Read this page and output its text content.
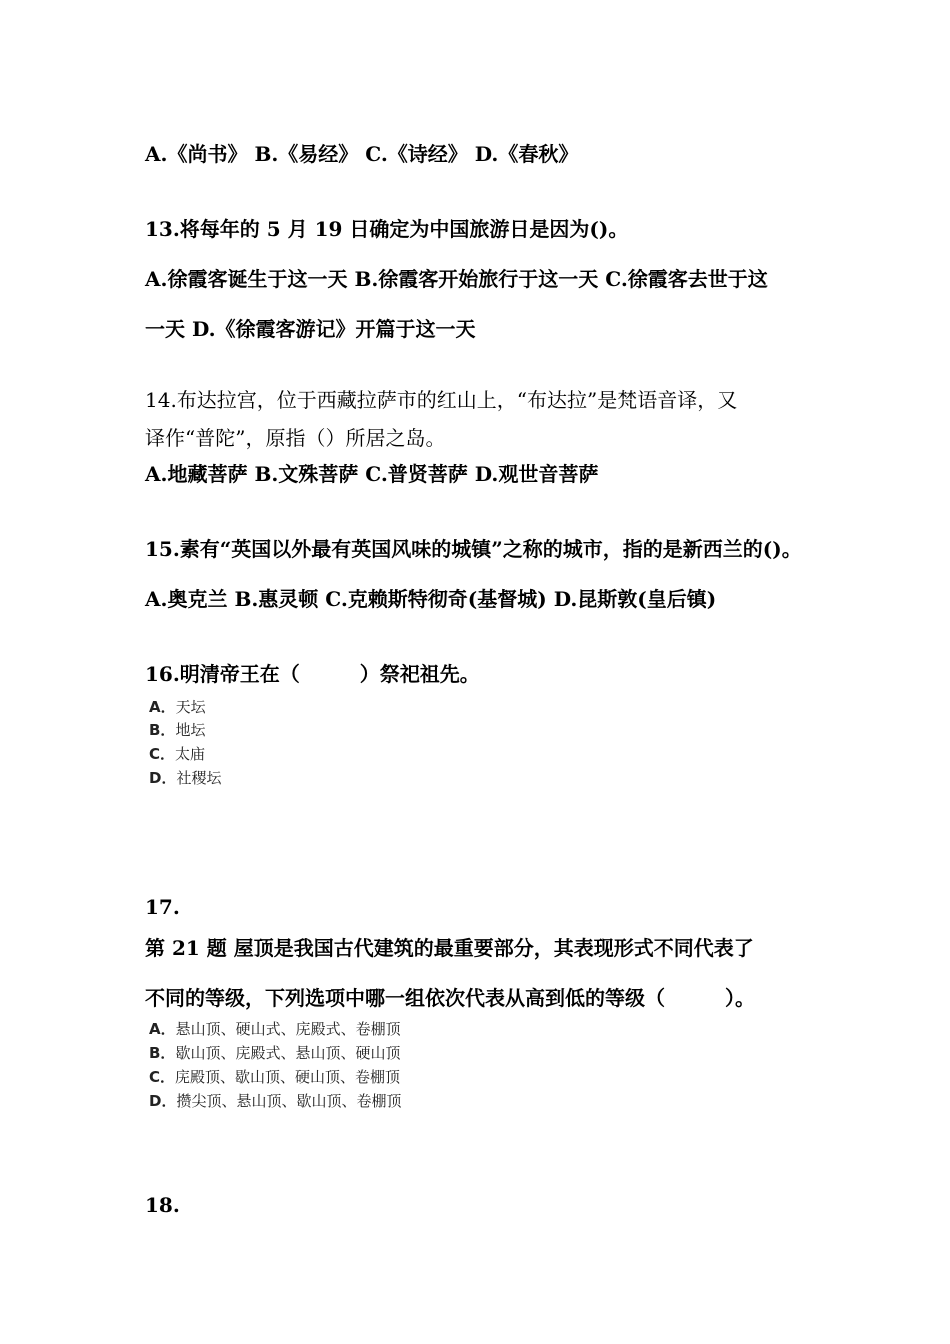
A.《尚书》 B.《易经》 C.《诗经》 D.《春秋》
13.将每年的 5 月 19 日确定为中国旅游日是因为()。
A.徐霞客诞生于这一天 B.徐霞客开始旅行于这一天 C.徐霞客去世于这
一天 D.《徐霞客游记》开篇于这一天
14.布达拉宫，位于西藏拉萨市的红山上，“布达拉”是梵语音译，又
译作“普陀”，原指（）所居之岛。
A.地藏菩萨 B.文殊菩萨 C.普贤菩萨 D.观世音菩萨
15.素有“英国以外最有英国风味的城镇”之称的城市，指的是新西兰的()。
A.奥克兰 B.惠灵顿 C.克赖斯特彻奇(基督城) D.昆斯敦(皇后镇)
16.明清帝王在（　　　）祭祀祖先。
A．天坛
B．地坛
C．太庙
D．社稷坛
17.
第 21 题 屋顶是我国古代建筑的最重要部分，其表现形式不同代表了
不同的等级，下列选项中哪一组依次代表从高到低的等级（　　　）。
A．悬山顶、硬山式、庑殿式、卷棚顶
B．歇山顶、庑殿式、悬山顶、硬山顶
C．庑殿顶、歇山顶、硬山顶、卷棚顶
D．攒尖顶、悬山顶、歇山顶、卷棚顶
18.
